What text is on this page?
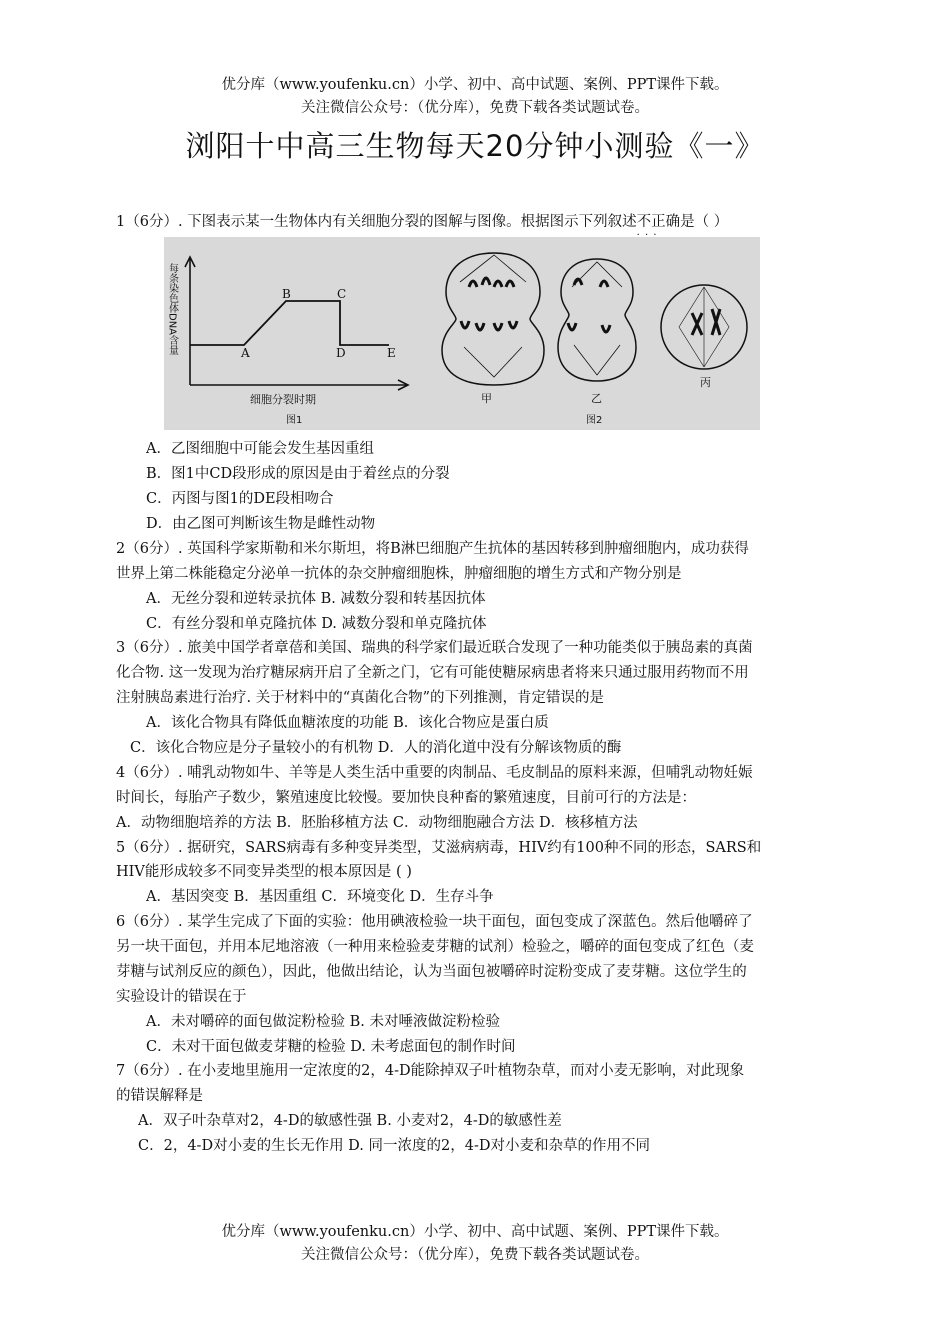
优分库（www.youfenku.cn）小学、初中、高中试题、案例、PPT课件下载。
关注微信公众号：（优分库），免费下载各类试题试卷。
浏阳十中高三生物每天20分钟小测验《一》
1（6分）. 下图表示某一生物体内有关细胞分裂的图解与图像。根据图示下列叙述不正确 · · ·是（ ）
每条染色体DNA含量	A
B	C
D	E
细胞分裂时期
图1
甲	乙
图2
丙
A．乙图细胞中可能会发生基因重组
B．图1中CD段形成的原因是由于着丝点的分裂
C．丙图与图1的DE段相吻合
D．由乙图可判断该生物是雌性动物
2（6分）. 英国科学家斯勒和米尔斯坦，将B淋巴细胞产生抗体的基因转移到肿瘤细胞内，成功获得
世界上第二株能稳定分泌单一抗体的杂交肿瘤细胞株，肿瘤细胞的增生方式和产物分别是
A．无丝分裂和逆转录抗体 B. 减数分裂和转基因抗体
C．有丝分裂和单克隆抗体 D. 减数分裂和单克隆抗体
3（6分）. 旅美中国学者章蓓和美国、瑞典的科学家们最近联合发现了一种功能类似于胰岛素的真菌
化合物. 这一发现为治疗糖尿病开启了全新之门，它有可能使糖尿病患者将来只通过服用药物而不用
注射胰岛素进行治疗. 关于材料中的“真菌化合物”的下列推测，肯定错误的是
A．该化合物具有降低血糖浓度的功能 B．该化合物应是蛋白质
C．该化合物应是分子量较小的有机物 D．人的消化道中没有分解该物质的酶
4（6分）. 哺乳动物如牛、羊等是人类生活中重要的肉制品、毛皮制品的原料来源，但哺乳动物妊娠
时间长，每胎产子数少，繁殖速度比较慢。要加快良种畜的繁殖速度，目前可行的方法是：
A．动物细胞培养的方法 B．胚胎移植方法 C．动物细胞融合方法 D．核移植方法
5（6分）. 据研究，SARS病毒有多种变异类型，艾滋病病毒，HIV约有100种不同的形态，SARS和
HIV能形成较多不同变异类型的根本原因是 ( )
A．基因突变 B．基因重组 C．环境变化 D．生存斗争
6（6分）. 某学生完成了下面的实验：他用碘液检验一块干面包，面包变成了深蓝色。然后他嚼碎了
另一块干面包，并用本尼地溶液（一种用来检验麦芽糖的试剂）检验之，嚼碎的面包变成了红色（麦
芽糖与试剂反应的颜色），因此，他做出结论，认为当面包被嚼碎时淀粉变成了麦芽糖。这位学生的
实验设计的错误在于
A．未对嚼碎的面包做淀粉检验 B. 未对唾液做淀粉检验
C．未对干面包做麦芽糖的检验 D. 未考虑面包的制作时间
7（6分）. 在小麦地里施用一定浓度的2，4-D能除掉双子叶植物杂草，而对小麦无影响，对此现象
的错误解释是
A．双子叶杂草对2，4-D的敏感性强 B. 小麦对2，4-D的敏感性差
C．2，4-D对小麦的生长无作用 D. 同一浓度的2，4-D对小麦和杂草的作用不同
优分库（www.youfenku.cn）小学、初中、高中试题、案例、PPT课件下载。
关注微信公众号：（优分库），免费下载各类试题试卷。
